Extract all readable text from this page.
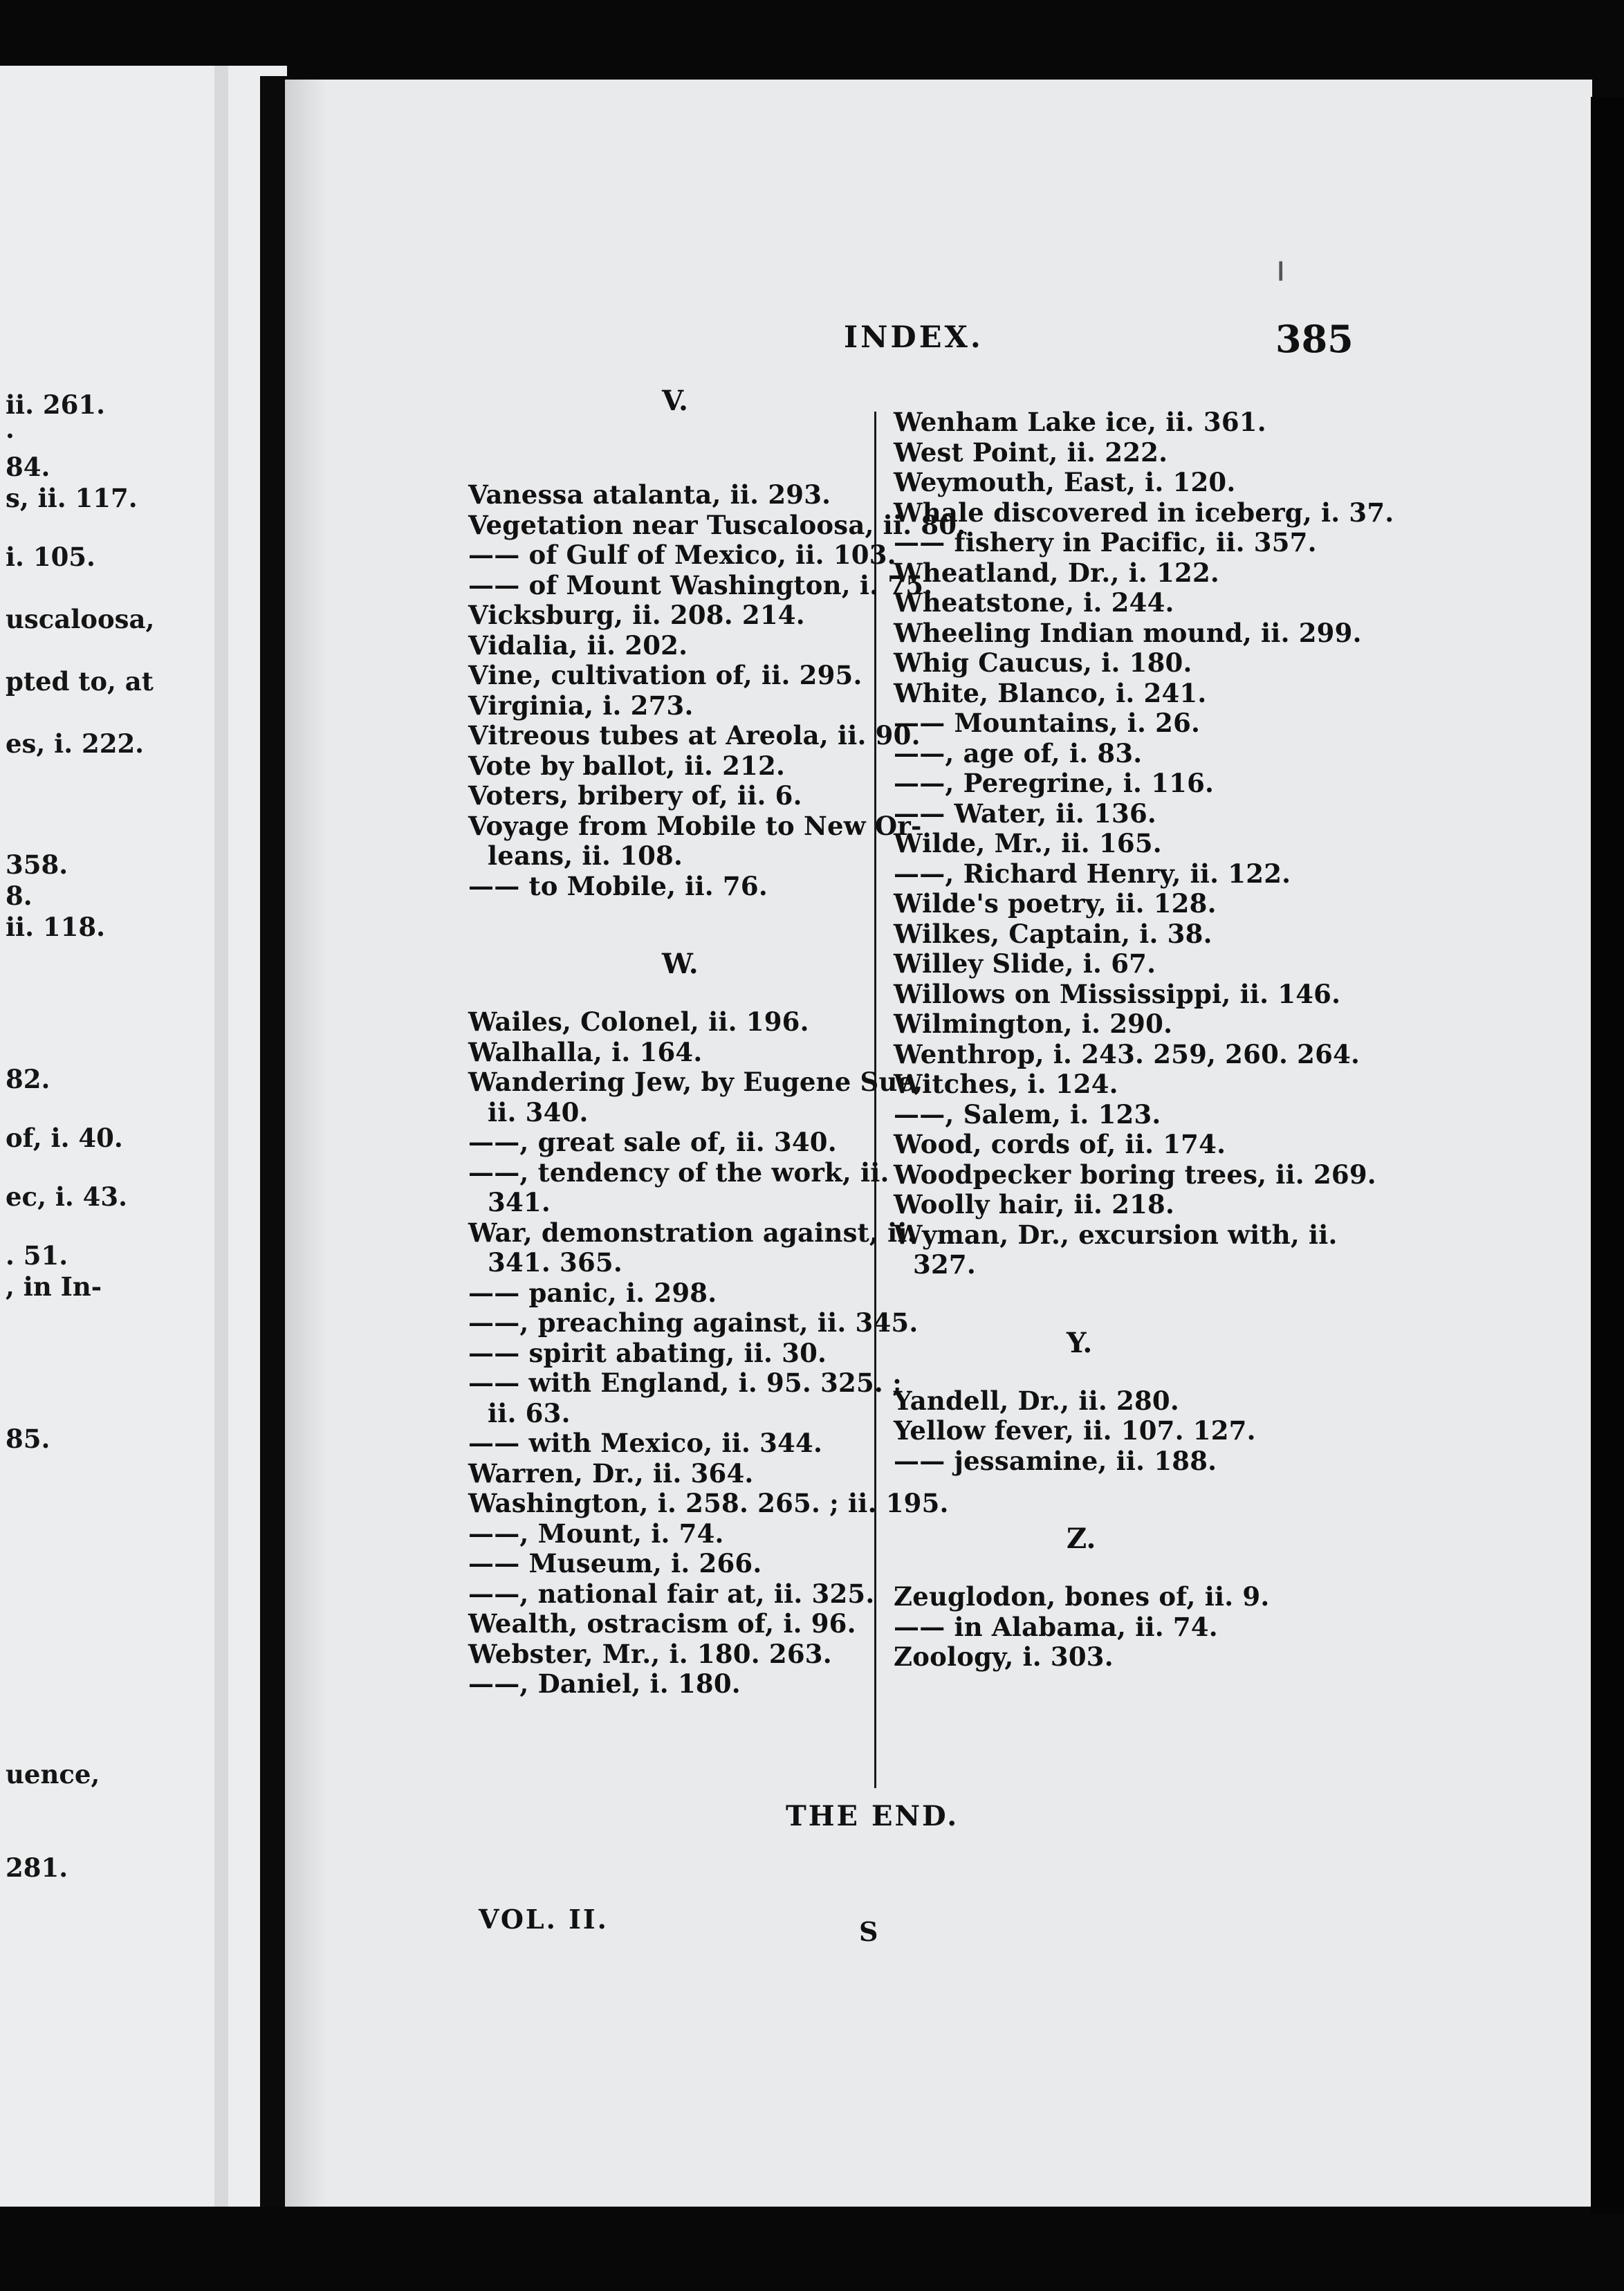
ii. 261.
·
84.
s, ii. 117.
i. 105.
uscaloosa,
pted to, at
es, i. 222.
358.
8.
ii. 118.
82.
of, i. 40.
ec, i. 43.
. 51.
, in In-
85.
uence,
281.
❙
INDEX.	385
V.
Vanessa atalanta, ii. 293.
Vegetation near Tuscaloosa, ii. 80.
—— of Gulf of Mexico, ii. 103.
—— of Mount Washington, i. 75.
Vicksburg, ii. 208. 214.
Vidalia, ii. 202.
Vine, cultivation of, ii. 295.
Virginia, i. 273.
Vitreous tubes at Areola, ii. 90.
Vote by ballot, ii. 212.
Voters, bribery of, ii. 6.
Voyage from Mobile to New Or-
leans, ii. 108.
—— to Mobile, ii. 76.
W.
Wailes, Colonel, ii. 196.
Walhalla, i. 164.
Wandering Jew, by Eugene Sue,
ii. 340.
——, great sale of, ii. 340.
——, tendency of the work, ii.
341.
War, demonstration against, ii.
341. 365.
—— panic, i. 298.
——, preaching against, ii. 345.
—— spirit abating, ii. 30.
—— with England, i. 95. 325. ;
ii. 63.
—— with Mexico, ii. 344.
Warren, Dr., ii. 364.
Washington, i. 258. 265. ; ii. 195.
——, Mount, i. 74.
—— Museum, i. 266.
——, national fair at, ii. 325.
Wealth, ostracism of, i. 96.
Webster, Mr., i. 180. 263.
——, Daniel, i. 180.
Wenham Lake ice, ii. 361.
West Point, ii. 222.
Weymouth, East, i. 120.
Whale discovered in iceberg, i. 37.
—— fishery in Pacific, ii. 357.
Wheatland, Dr., i. 122.
Wheatstone, i. 244.
Wheeling Indian mound, ii. 299.
Whig Caucus, i. 180.
White, Blanco, i. 241.
—— Mountains, i. 26.
——, age of, i. 83.
——, Peregrine, i. 116.
—— Water, ii. 136.
Wilde, Mr., ii. 165.
——, Richard Henry, ii. 122.
Wilde's poetry, ii. 128.
Wilkes, Captain, i. 38.
Willey Slide, i. 67.
Willows on Mississippi, ii. 146.
Wilmington, i. 290.
Wenthrop, i. 243. 259, 260. 264.
Witches, i. 124.
——, Salem, i. 123.
Wood, cords of, ii. 174.
Woodpecker boring trees, ii. 269.
Woolly hair, ii. 218.
Wyman, Dr., excursion with, ii.
327.
Y.
Yandell, Dr., ii. 280.
Yellow fever, ii. 107. 127.
—— jessamine, ii. 188.
Z.
Zeuglodon, bones of, ii. 9.
—— in Alabama, ii. 74.
Zoology, i. 303.
THE END.
VOL. II.	S
